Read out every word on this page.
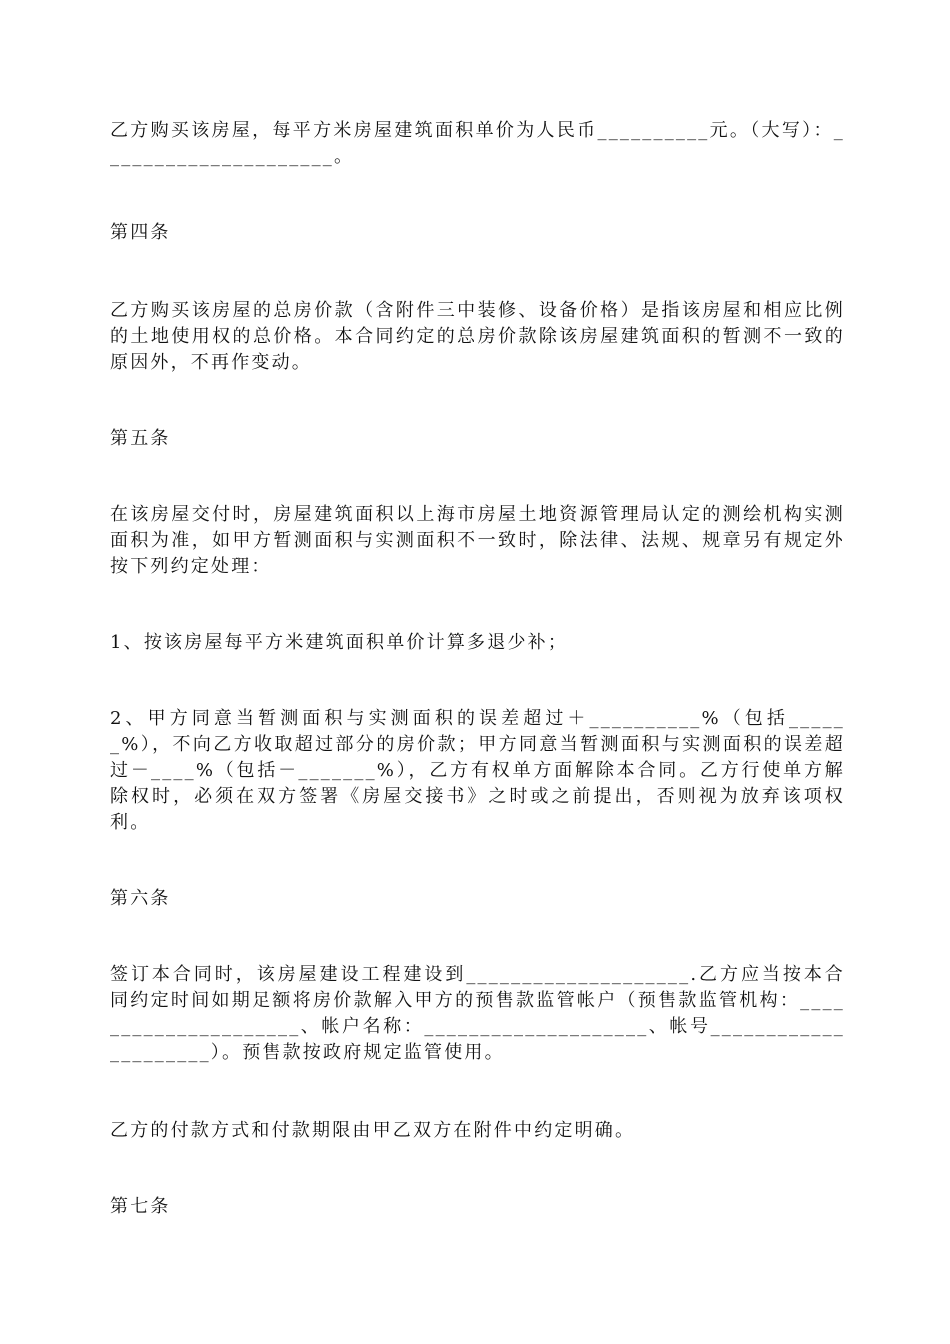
乙方购买该房屋，每平方米房屋建筑面积单价为人民币__________元。（大写）：_____________________。

第四条

乙方购买该房屋的总房价款（含附件三中装修、设备价格）是指该房屋和相应比例的土地使用权的总价格。本合同约定的总房价款除该房屋建筑面积的暂测不一致的原因外，不再作变动。

第五条

在该房屋交付时，房屋建筑面积以上海市房屋土地资源管理局认定的测绘机构实测面积为准，如甲方暂测面积与实测面积不一致时，除法律、法规、规章另有规定外按下列约定处理：

1、按该房屋每平方米建筑面积单价计算多退少补；

2、甲方同意当暂测面积与实测面积的误差超过＋__________%（包括______%），不向乙方收取超过部分的房价款；甲方同意当暂测面积与实测面积的误差超过－____%（包括－_______%），乙方有权单方面解除本合同。乙方行使单方解除权时，必须在双方签署《房屋交接书》之时或之前提出，否则视为放弃该项权利。

第六条

签订本合同时，该房屋建设工程建设到____________________.乙方应当按本合同约定时间如期足额将房价款解入甲方的预售款监管帐户（预售款监管机构：_____________________、帐户名称：____________________、帐号_____________________）。预售款按政府规定监管使用。

乙方的付款方式和付款期限由甲乙双方在附件中约定明确。

第七条
